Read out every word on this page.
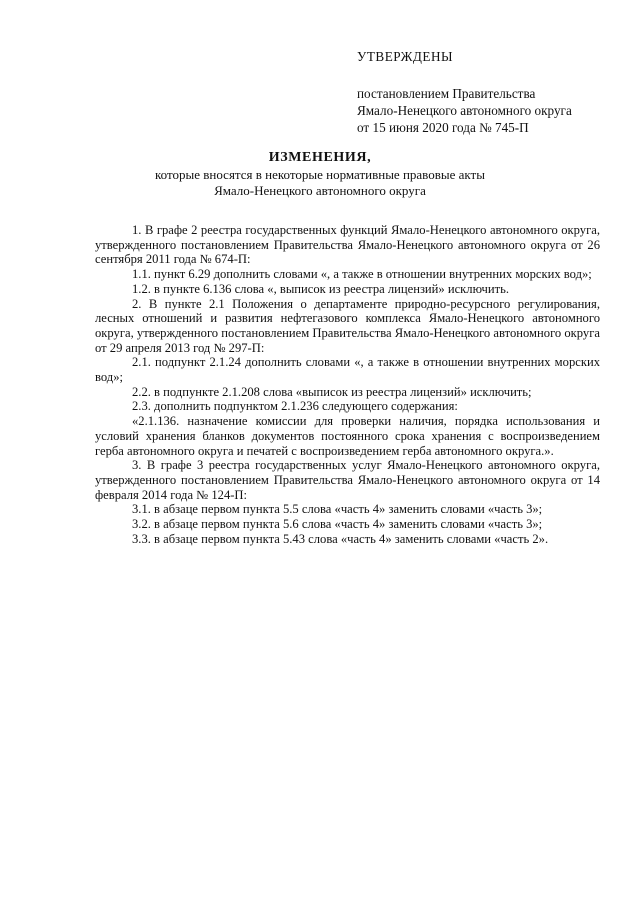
УТВЕРЖДЕНЫ
постановлением Правительства
Ямало-Ненецкого автономного округа
от 15 июня 2020 года № 745-П
ИЗМЕНЕНИЯ,
которые вносятся в некоторые нормативные правовые акты
Ямало-Ненецкого автономного округа

1. В графе 2 реестра государственных функций Ямало-Ненецкого автономного округа, утвержденного постановлением Правительства Ямало-Ненецкого автономного округа от 26 сентября 2011 года № 674-П:

1.1. пункт 6.29 дополнить словами «, а также в отношении внутренних морских вод»;

1.2. в пункте 6.136 слова «, выписок из реестра лицензий» исключить.

2. В пункте 2.1 Положения о департаменте природно-ресурсного регулирования, лесных отношений и развития нефтегазового комплекса Ямало-Ненецкого автономного округа, утвержденного постановлением Правительства Ямало-Ненецкого автономного округа от 29 апреля 2013 год № 297-П:

2.1. подпункт 2.1.24 дополнить словами «, а также в отношении внутренних морских вод»;

2.2. в подпункте 2.1.208 слова «выписок из реестра лицензий» исключить;

2.3. дополнить подпунктом 2.1.236 следующего содержания:

«2.1.136. назначение комиссии для проверки наличия, порядка использования и условий хранения бланков документов постоянного срока хранения с воспроизведением герба автономного округа и печатей с воспроизведением герба автономного округа.».

3. В графе 3 реестра государственных услуг Ямало-Ненецкого автономного округа, утвержденного постановлением Правительства Ямало-Ненецкого автономного округа от 14 февраля 2014 года № 124-П:

3.1. в абзаце первом пункта 5.5 слова «часть 4» заменить словами «часть 3»;

3.2. в абзаце первом пункта 5.6 слова «часть 4» заменить словами «часть 3»;

3.3. в абзаце первом пункта 5.43 слова «часть 4» заменить словами «часть 2».
